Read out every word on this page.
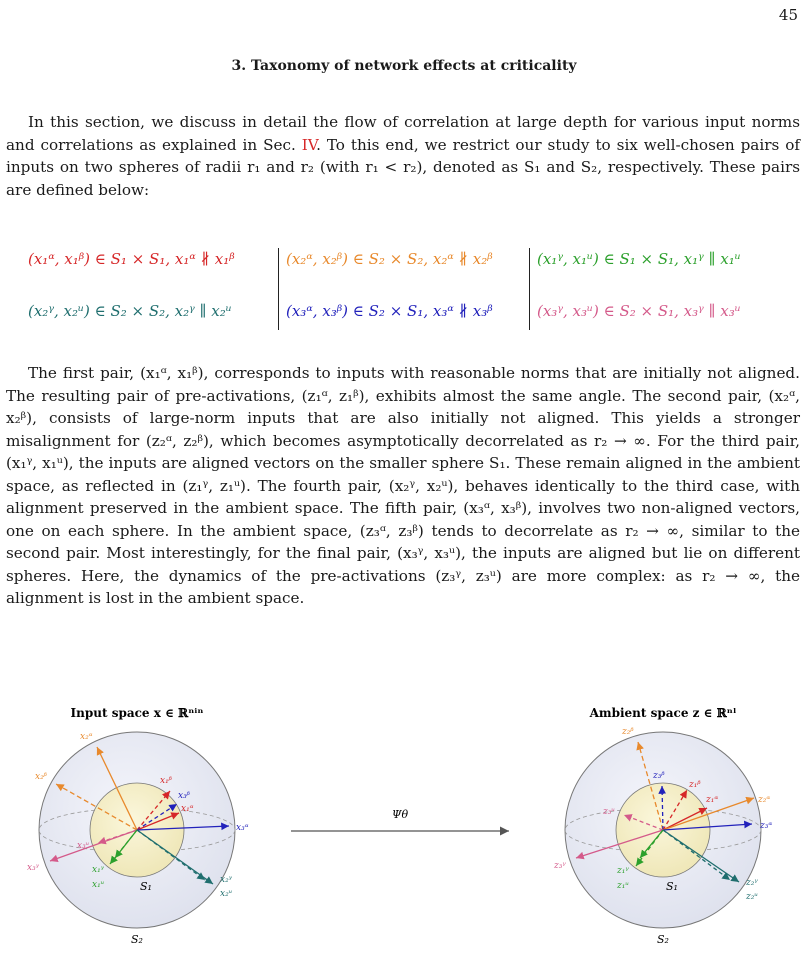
45
3. Taxonomy of network effects at criticality
In this section, we discuss in detail the flow of correlation at large depth for various input norms and correlations as explained in Sec. IV. To this end, we restrict our study to six well-chosen pairs of inputs on two spheres of radii r₁ and r₂ (with r₁ < r₂), denoted as S₁ and S₂, respectively. These pairs are defined below:
(x₁ᵅ, x₁ᵝ) ∈ S₁ × S₁, x₁ᵅ ∦ x₁ᵝ	(x₂ᵅ, x₂ᵝ) ∈ S₂ × S₂, x₂ᵅ ∦ x₂ᵝ	(x₁ᵞ, x₁ᵘ) ∈ S₁ × S₁, x₁ᵞ ∥ x₁ᵘ
(x₂ᵞ, x₂ᵘ) ∈ S₂ × S₂, x₂ᵞ ∥ x₂ᵘ	(x₃ᵅ, x₃ᵝ) ∈ S₂ × S₁, x₃ᵅ ∦ x₃ᵝ	(x₃ᵞ, x₃ᵘ) ∈ S₂ × S₁, x₃ᵞ ∥ x₃ᵘ
The first pair, (x₁ᵅ, x₁ᵝ), corresponds to inputs with reasonable norms that are initially not aligned. The resulting pair of pre-activations, (z₁ᵅ, z₁ᵝ), exhibits almost the same angle. The second pair, (x₂ᵅ, x₂ᵝ), consists of large-norm inputs that are also initially not aligned. This yields a stronger misalignment for (z₂ᵅ, z₂ᵝ), which becomes asymptotically decorrelated as r₂ → ∞. For the third pair, (x₁ᵞ, x₁ᵘ), the inputs are aligned vectors on the smaller sphere S₁. These remain aligned in the ambient space, as reflected in (z₁ᵞ, z₁ᵘ). The fourth pair, (x₂ᵞ, x₂ᵘ), behaves identically to the third case, with alignment preserved in the ambient space. The fifth pair, (x₃ᵅ, x₃ᵝ), involves two non-aligned vectors, one on each sphere. In the ambient space, (z₃ᵅ, z₃ᵝ) tends to decorrelate as r₂ → ∞, similar to the second pair. Most interestingly, for the final pair, (x₃ᵞ, x₃ᵘ), the inputs are aligned but lie on different spheres. Here, the dynamics of the pre-activations (z₃ᵞ, z₃ᵘ) are more complex: as r₂ → ∞, the alignment is lost in the ambient space.
Input space x ∈ ℝⁿⁱⁿ
x₂ᵅ
x₂ᵝ	x₁ᵝ
x₃ᵝ
x₁ᵅ
x₃ᵅ
x₃ᵘ
x₃ᵞ	x₁ᵞ
x₁ᵘ	x₂ᵞ
x₂ᵘ
S₁
S₂
Ψθ
Ambient space z ∈ ℝⁿˡ
z₂ᵝ
z₃ᵝ
z₁ᵝ
z₃ᵘ
z₁ᵅ	z₂ᵅ
z₃ᵅ
z₃ᵞ	z₁ᵞ
z₁ᵘ	z₂ᵞ
z₂ᵘ
S₁
S₂
